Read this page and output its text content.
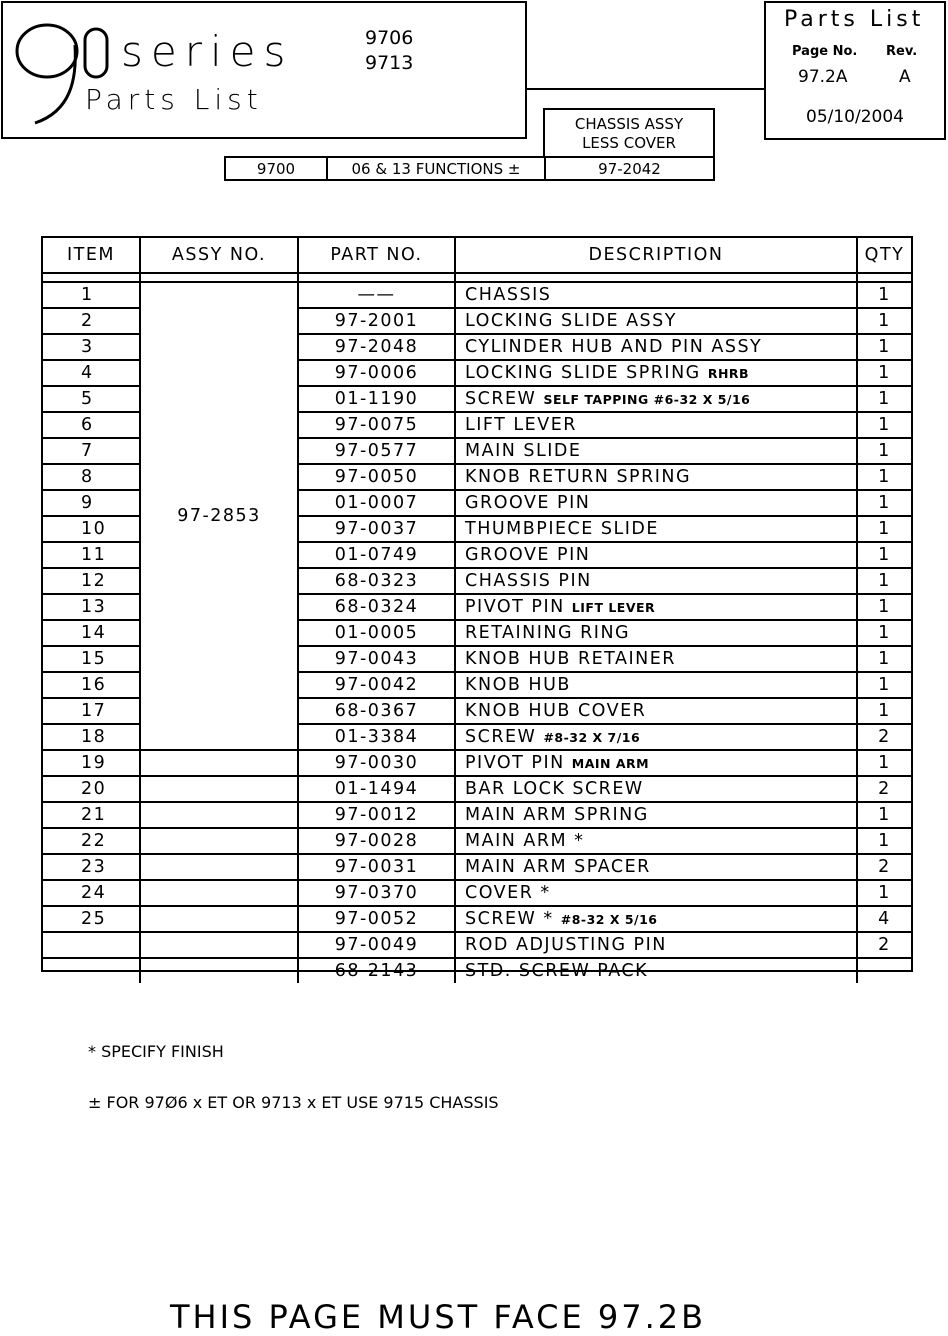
series
Parts List
9706
9713
Parts List
Page No. Rev.
97.2A	A
05/10/2004
CHASSIS ASSY
LESS COVER
9700	06 & 13 FUNCTIONS ±	97-2042
ITEM	ASSY NO.	PART NO.	DESCRIPTION	QTY

1	97-2853	——	CHASSIS	1
2		97-2001	LOCKING SLIDE ASSY	1
3		97-2048	CYLINDER HUB AND PIN ASSY	1
4		97-0006	LOCKING SLIDE SPRING RHRB	1
5		01-1190	SCREW SELF TAPPING #6-32 X 5/16	1
6		97-0075	LIFT LEVER	1
7		97-0577	MAIN SLIDE	1
8		97-0050	KNOB RETURN SPRING	1
9		01-0007	GROOVE PIN	1
10		97-0037	THUMBPIECE SLIDE	1
11		01-0749	GROOVE PIN	1
12		68-0323	CHASSIS PIN	1
13		68-0324	PIVOT PIN LIFT LEVER	1
14		01-0005	RETAINING RING	1
15		97-0043	KNOB HUB RETAINER	1
16		97-0042	KNOB HUB	1
17		68-0367	KNOB HUB COVER	1
18		01-3384	SCREW #8-32 X 7/16	2
19		97-0030	PIVOT PIN MAIN ARM	1
20		01-1494	BAR LOCK SCREW	2
21		97-0012	MAIN ARM SPRING	1
22		97-0028	MAIN ARM *	1
23		97-0031	MAIN ARM SPACER	2
24		97-0370	COVER *	1
25		97-0052	SCREW * #8-32 X 5/16	4
		97-0049	ROD ADJUSTING PIN	2
		68-2143	STD. SCREW PACK	
* SPECIFY FINISH
± FOR 97Ø6 x ET OR 9713 x ET USE 9715 CHASSIS
THIS PAGE MUST FACE 97.2B
